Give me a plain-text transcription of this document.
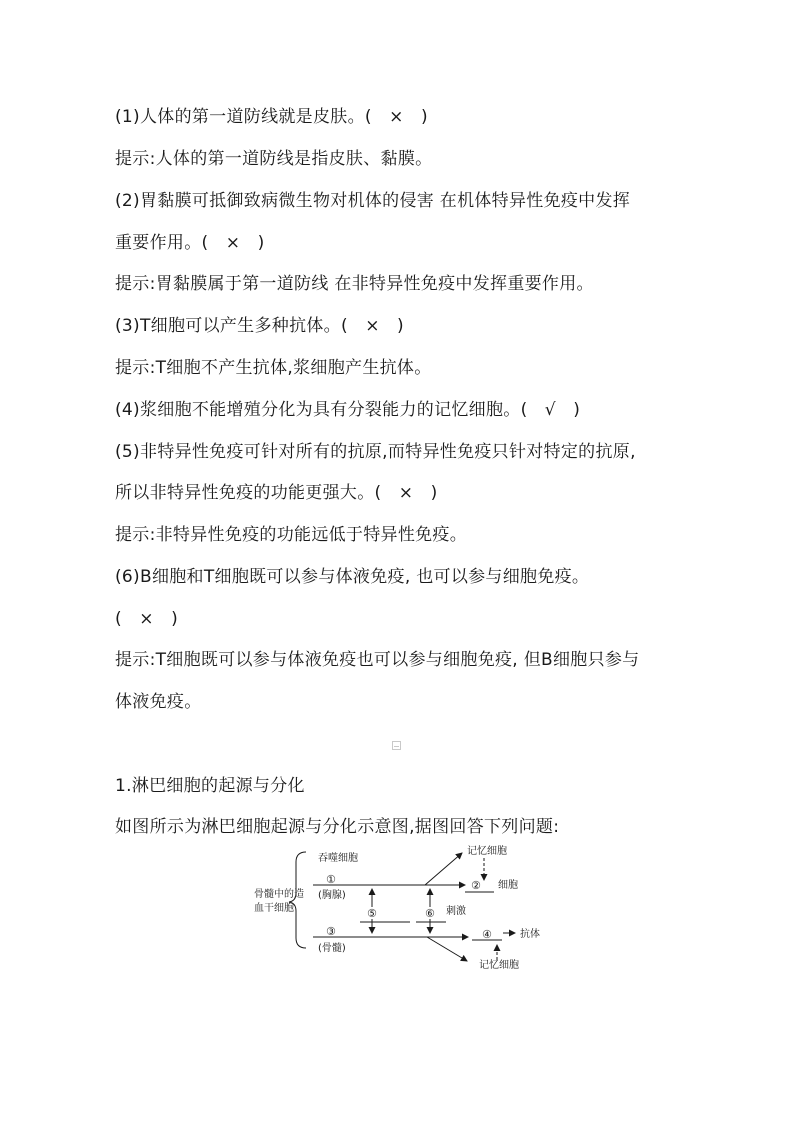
(1)人体的第一道防线就是皮肤。(　×　)
提示:人体的第一道防线是指皮肤、黏膜。
(2)胃黏膜可抵御致病微生物对机体的侵害 在机体特异性免疫中发挥
重要作用。(　×　)
提示:胃黏膜属于第一道防线 在非特异性免疫中发挥重要作用。
(3)T细胞可以产生多种抗体。(　×　)
提示:T细胞不产生抗体,浆细胞产生抗体。
(4)浆细胞不能增殖分化为具有分裂能力的记忆细胞。(　√　)
(5)非特异性免疫可针对所有的抗原,而特异性免疫只针对特定的抗原,
所以非特异性免疫的功能更强大。(　×　)
提示:非特异性免疫的功能远低于特异性免疫。
(6)B细胞和T细胞既可以参与体液免疫, 也可以参与细胞免疫。
(　×　)
提示:T细胞既可以参与体液免疫也可以参与细胞免疫, 但B细胞只参与
体液免疫。
1.淋巴细胞的起源与分化
如图所示为淋巴细胞起源与分化示意图,据图回答下列问题:
骨髓中的造
血干细胞
吞噬细胞
①
(胸腺)
③
(骨髓)
⑤	⑥ 刺激
记忆细胞
② 细胞
④	抗体
记忆细胞
